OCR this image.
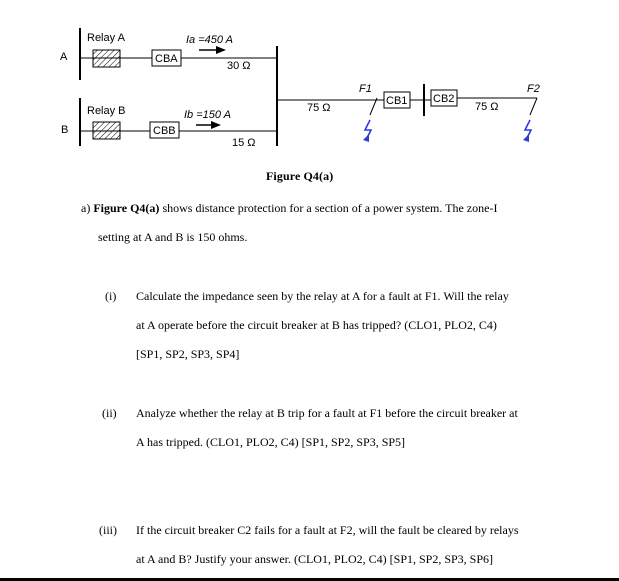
A
Relay A
CBA
Ia =450 A
30 Ω
B
Relay B
CBB
Ib =150 A
15 Ω
75 Ω
F1
CB1 CB2
75 Ω
F2
Figure Q4(a)
a) Figure Q4(a) shows distance protection for a section of a power system. The zone-I
setting at A and B is 150 ohms.
(i) Calculate the impedance seen by the relay at A for a fault at F1. Will the relay
at A operate before the circuit breaker at B has tripped? (CLO1, PLO2, C4)
[SP1, SP2, SP3, SP4]
(ii) Analyze whether the relay at B trip for a fault at F1 before the circuit breaker at
A has tripped. (CLO1, PLO2, C4) [SP1, SP2, SP3, SP5]
(iii) If the circuit breaker C2 fails for a fault at F2, will the fault be cleared by relays
at A and B? Justify your answer. (CLO1, PLO2, C4) [SP1, SP2, SP3, SP6]
